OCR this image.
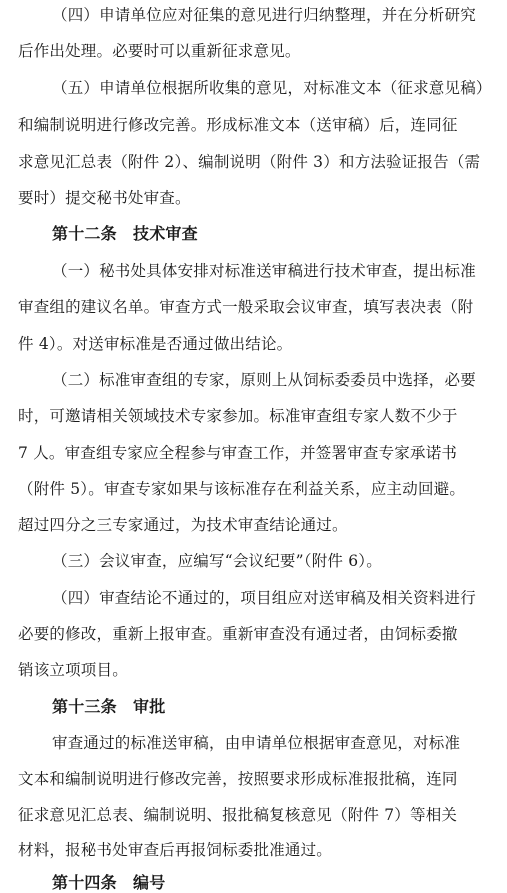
（四）申请单位应对征集的意见进行归纳整理，并在分析研究
后作出处理。必要时可以重新征求意见。
（五）申请单位根据所收集的意见，对标准文本（征求意见稿）
和编制说明进行修改完善。形成标准文本（送审稿）后，连同征
求意见汇总表（附件 2）、编制说明（附件 3）和方法验证报告（需
要时）提交秘书处审查。
第十二条　技术审查
（一）秘书处具体安排对标准送审稿进行技术审查，提出标准
审查组的建议名单。审查方式一般采取会议审查，填写表决表（附
件 4）。对送审标准是否通过做出结论。
（二）标准审查组的专家，原则上从饲标委委员中选择，必要
时，可邀请相关领域技术专家参加。标准审查组专家人数不少于
7 人。审查组专家应全程参与审查工作，并签署审查专家承诺书
（附件 5）。审查专家如果与该标准存在利益关系，应主动回避。
超过四分之三专家通过，为技术审查结论通过。
（三）会议审查，应编写“会议纪要”（附件 6）。
（四）审查结论不通过的，项目组应对送审稿及相关资料进行
必要的修改，重新上报审查。重新审查没有通过者，由饲标委撤
销该立项项目。
第十三条　审批
审查通过的标准送审稿，由申请单位根据审查意见，对标准
文本和编制说明进行修改完善，按照要求形成标准报批稿，连同
征求意见汇总表、编制说明、报批稿复核意见（附件 7）等相关
材料，报秘书处审查后再报饲标委批准通过。
第十四条　编号
